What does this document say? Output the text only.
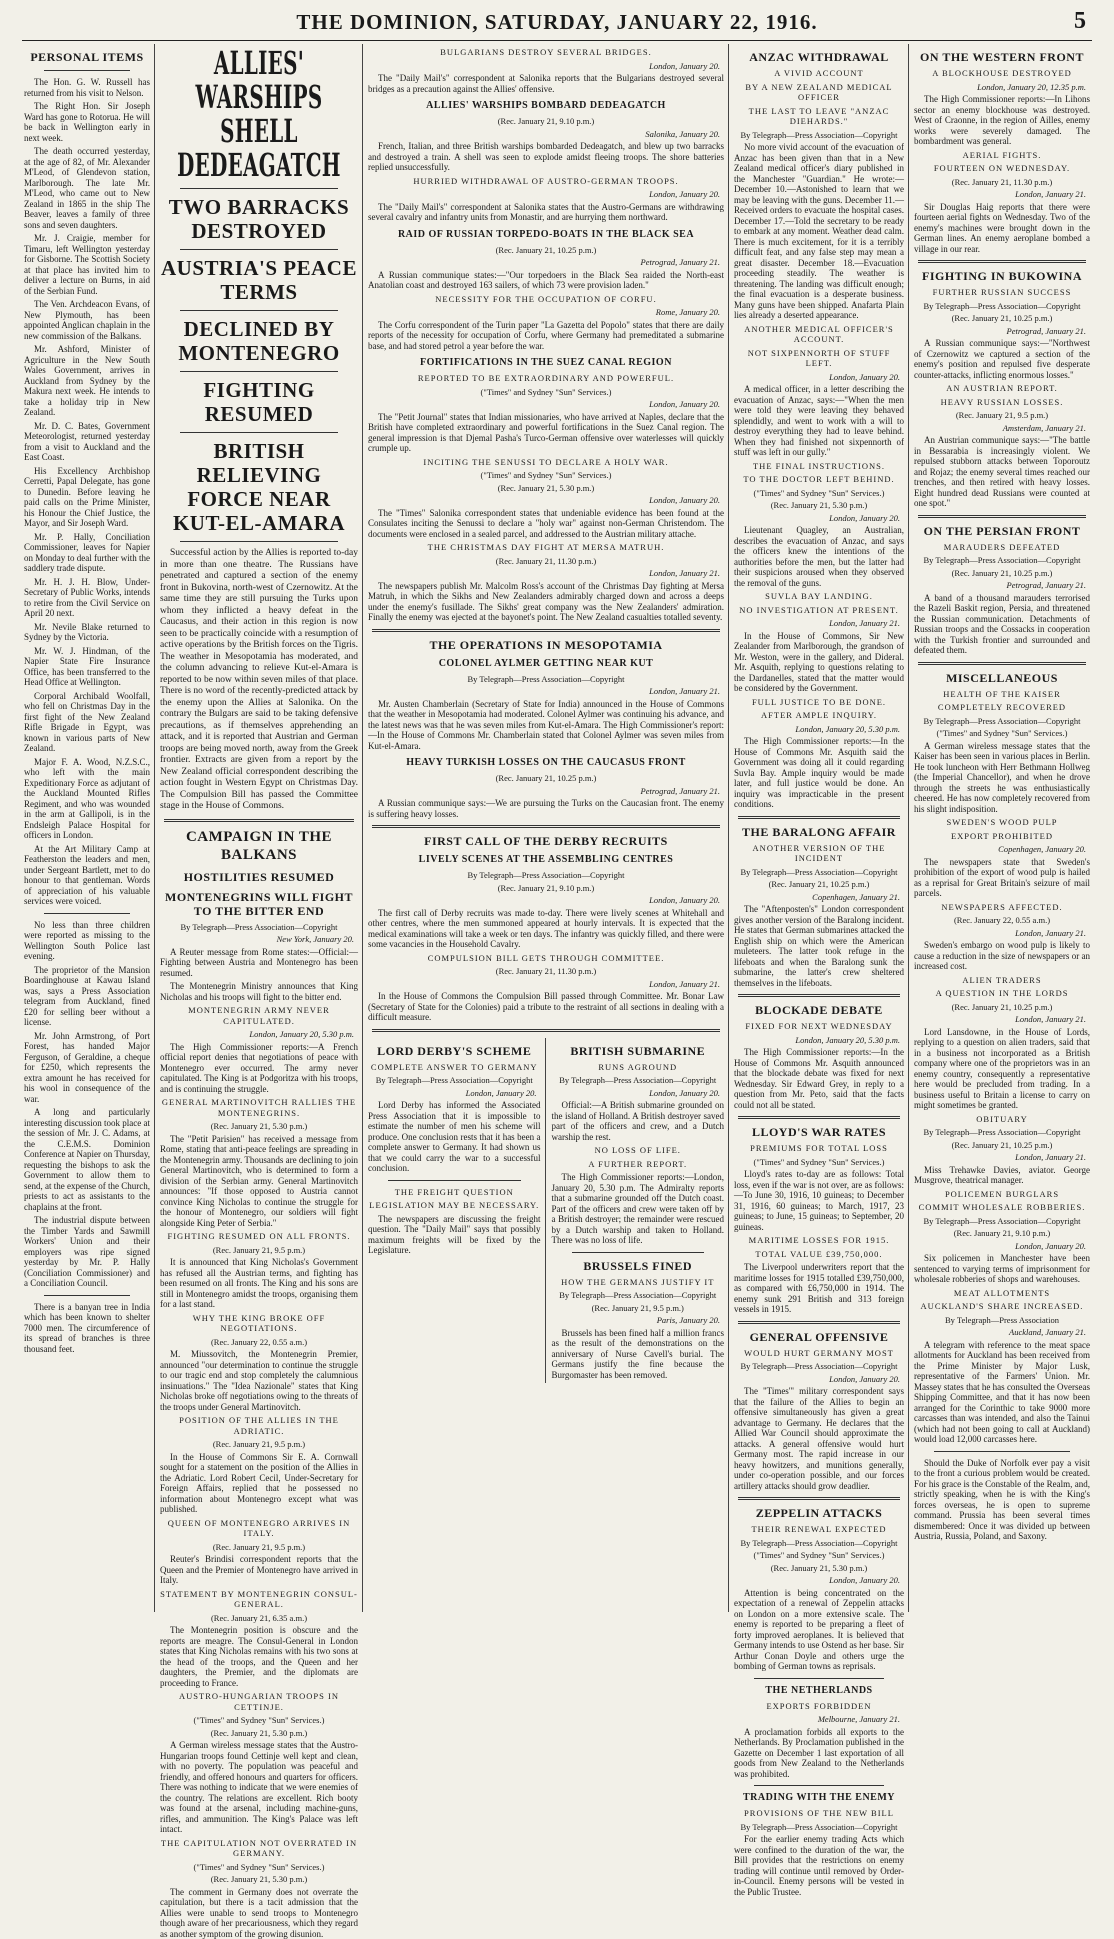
THE DOMINION, SATURDAY, JANUARY 22, 1916.	5
PERSONAL ITEMS

The Hon. G. W. Russell has returned from his visit to Nelson.

The Right Hon. Sir Joseph Ward has gone to Rotorua. He will be back in Wellington early in next week.

The death occurred yesterday, at the age of 82, of Mr. Alexander M'Leod, of Glendevon station, Marlborough. The late Mr. M'Leod, who came out to New Zealand in 1865 in the ship The Beaver, leaves a family of three sons and seven daughters.

Mr. J. Craigie, member for Timaru, left Wellington yesterday for Gisborne. The Scottish Society at that place has invited him to deliver a lecture on Burns, in aid of the Serbian Fund.

The Ven. Archdeacon Evans, of New Plymouth, has been appointed Anglican chaplain in the new commission of the Balkans.

Mr. Ashford, Minister of Agriculture in the New South Wales Government, arrives in Auckland from Sydney by the Makura next week. He intends to take a holiday trip in New Zealand.

Mr. D. C. Bates, Government Meteorologist, returned yesterday from a visit to Auckland and the East Coast.

His Excellency Archbishop Cerretti, Papal Delegate, has gone to Dunedin. Before leaving he paid calls on the Prime Minister, his Honour the Chief Justice, the Mayor, and Sir Joseph Ward.

Mr. P. Hally, Conciliation Commissioner, leaves for Napier on Monday to deal further with the saddlery trade dispute.

Mr. H. J. H. Blow, Under-Secretary of Public Works, intends to retire from the Civil Service on April 20 next.

Mr. Nevile Blake returned to Sydney by the Victoria.

Mr. W. J. Hindman, of the Napier State Fire Insurance Office, has been transferred to the Head Office at Wellington.

Corporal Archibald Woolfall, who fell on Christmas Day in the first fight of the New Zealand Rifle Brigade in Egypt, was known in various parts of New Zealand.

Major F. A. Wood, N.Z.S.C., who left with the main Expeditionary Force as adjutant of the Auckland Mounted Rifles Regiment, and who was wounded in the arm at Gallipoli, is in the Endsleigh Palace Hospital for officers in London.

At the Art Military Camp at Featherston the leaders and men, under Sergeant Bartlett, met to do honour to that gentleman. Words of appreciation of his valuable services were voiced.

No less than three children were reported as missing to the Wellington South Police last evening.

The proprietor of the Mansion Boardinghouse at Kawau Island was, says a Press Association telegram from Auckland, fined £20 for selling beer without a license.

Mr. John Armstrong, of Port Forest, has handed Major Ferguson, of Geraldine, a cheque for £250, which represents the extra amount he has received for his wool in consequence of the war.

A long and particularly interesting discussion took place at the session of Mr. J. C. Adams, at the C.E.M.S. Dominion Conference at Napier on Thursday, requesting the bishops to ask the Government to allow them to send, at the expense of the Church, priests to act as assistants to the chaplains at the front.

The industrial dispute between the Timber Yards and Sawmill Workers' Union and their employers was ripe signed yesterday by Mr. P. Hally (Conciliation Commissioner) and a Conciliation Council.

There is a banyan tree in India which has been known to shelter 7000 men. The circumference of its spread of branches is three thousand feet.

ALLIES' WARSHIPS SHELL DEDEAGATCH
TWO BARRACKS DESTROYED
AUSTRIA'S PEACE TERMS
DECLINED BY MONTENEGRO
FIGHTING RESUMED
BRITISH RELIEVING FORCE NEAR KUT-EL-AMARA

Successful action by the Allies is reported to-day in more than one theatre. The Russians have penetrated and captured a section of the enemy front in Bukovina, north-west of Czernowitz. At the same time they are still pursuing the Turks upon whom they inflicted a heavy defeat in the Caucasus, and their action in this region is now seen to be practically coincide with a resumption of active operations by the British forces on the Tigris. The weather in Mesopotamia has moderated, and the column advancing to relieve Kut-el-Amara is reported to be now within seven miles of that place. There is no word of the recently-predicted attack by the enemy upon the Allies at Salonika. On the contrary the Bulgars are said to be taking defensive precautions, as if themselves apprehending an attack, and it is reported that Austrian and German troops are being moved north, away from the Greek frontier. Extracts are given from a report by the New Zealand official correspondent describing the action fought in Western Egypt on Christmas Day. The Compulsion Bill has passed the Committee stage in the House of Commons.

CAMPAIGN IN THE BALKANS
HOSTILITIES RESUMED
MONTENEGRINS WILL FIGHT TO THE BITTER END
By Telegraph—Press Association—Copyright
New York, January 20.

A Reuter message from Rome states:—Official:—Fighting between Austria and Montenegro has been resumed.

The Montenegrin Ministry announces that King Nicholas and his troops will fight to the bitter end.

MONTENEGRIN ARMY NEVER CAPITULATED.
London, January 20, 5.30 p.m.

The High Commissioner reports:—A French official report denies that negotiations of peace with Montenegro ever occurred. The army never capitulated. The King is at Podgoritza with his troops, and is continuing the struggle.

GENERAL MARTINOVITCH RALLIES THE MONTENEGRINS.
(Rec. January 21, 5.30 p.m.)

The "Petit Parisien" has received a message from Rome, stating that anti-peace feelings are spreading in the Montenegrin army. Thousands are declining to join General Martinovitch, who is determined to form a division of the Serbian army. General Martinovitch announces: "If those opposed to Austria cannot convince King Nicholas to continue the struggle for the honour of Montenegro, our soldiers will fight alongside King Peter of Serbia."

FIGHTING RESUMED ON ALL FRONTS.
(Rec. January 21, 9.5 p.m.)

It is announced that King Nicholas's Government has refused all the Austrian terms, and fighting has been resumed on all fronts. The King and his sons are still in Montenegro amidst the troops, organising them for a last stand.

WHY THE KING BROKE OFF NEGOTIATIONS.
(Rec. January 22, 0.55 a.m.)

M. Miussovitch, the Montenegrin Premier, announced "our determination to continue the struggle to our tragic end and stop completely the calumnious insinuations." The "Idea Nazionale" states that King Nicholas broke off negotiations owing to the threats of the troops under General Martinovitch.

POSITION OF THE ALLIES IN THE ADRIATIC.
(Rec. January 21, 9.5 p.m.)

In the House of Commons Sir E. A. Cornwall sought for a statement on the position of the Allies in the Adriatic. Lord Robert Cecil, Under-Secretary for Foreign Affairs, replied that he possessed no information about Montenegro except what was published.

QUEEN OF MONTENEGRO ARRIVES IN ITALY.
(Rec. January 21, 9.5 p.m.)

Reuter's Brindisi correspondent reports that the Queen and the Premier of Montenegro have arrived in Italy.

STATEMENT BY MONTENEGRIN CONSUL-GENERAL.
(Rec. January 21, 6.35 a.m.)

The Montenegrin position is obscure and the reports are meagre. The Consul-General in London states that King Nicholas remains with his two sons at the head of the troops, and the Queen and her daughters, the Premier, and the diplomats are proceeding to France.

AUSTRO-HUNGARIAN TROOPS IN CETTINJE.
("Times" and Sydney "Sun" Services.)
(Rec. January 21, 5.30 p.m.)

A German wireless message states that the Austro-Hungarian troops found Cettinje well kept and clean, with no poverty. The population was peaceful and friendly, and offered honours and quarters for officers. There was nothing to indicate that we were enemies of the country. The relations are excellent. Rich booty was found at the arsenal, including machine-guns, rifles, and ammunition. The King's Palace was left intact.

THE CAPITULATION NOT OVERRATED IN GERMANY.
("Times" and Sydney "Sun" Services.)
(Rec. January 21, 5.30 p.m.)

The comment in Germany does not overrate the capitulation, but there is a tacit admission that the Allies were unable to send troops to Montenegro though aware of her precariousness, which they regard as another symptom of the growing disunion.

BULGARIANS DESTROY SEVERAL BRIDGES.
London, January 20.

The "Daily Mail's" correspondent at Salonika reports that the Bulgarians destroyed several bridges as a precaution against the Allies' offensive.

ALLIES' WARSHIPS BOMBARD DEDEAGATCH
(Rec. January 21, 9.10 p.m.)
Salonika, January 20.

French, Italian, and three British warships bombarded Dedeagatch, and blew up two barracks and destroyed a train. A shell was seen to explode amidst fleeing troops. The shore batteries replied unsuccessfully.

HURRIED WITHDRAWAL OF AUSTRO-GERMAN TROOPS.
London, January 20.

The "Daily Mail's" correspondent at Salonika states that the Austro-Germans are withdrawing several cavalry and infantry units from Monastir, and are hurrying them northward.

RAID OF RUSSIAN TORPEDO-BOATS IN THE BLACK SEA
(Rec. January 21, 10.25 p.m.)
Petrograd, January 21.

A Russian communique states:—"Our torpedoers in the Black Sea raided the North-east Anatolian coast and destroyed 163 sailers, of which 73 were provision laden."

NECESSITY FOR THE OCCUPATION OF CORFU.
Rome, January 20.

The Corfu correspondent of the Turin paper "La Gazetta del Popolo" states that there are daily reports of the necessity for occupation of Corfu, where Germany had premeditated a submarine base, and had stored petrol a year before the war.

FORTIFICATIONS IN THE SUEZ CANAL REGION
REPORTED TO BE EXTRAORDINARY AND POWERFUL.
("Times" and Sydney "Sun" Services.)
London, January 20.

The "Petit Journal" states that Indian missionaries, who have arrived at Naples, declare that the British have completed extraordinary and powerful fortifications in the Suez Canal region. The general impression is that Djemal Pasha's Turco-German offensive over waterlesses will quickly crumple up.

INCITING THE SENUSSI TO DECLARE A HOLY WAR.
("Times" and Sydney "Sun" Services.)
(Rec. January 21, 5.30 p.m.)
London, January 20.

The "Times" Salonika correspondent states that undeniable evidence has been found at the Consulates inciting the Senussi to declare a "holy war" against non-German Christendom. The documents were enclosed in a sealed parcel, and addressed to the Austrian military attache.

THE CHRISTMAS DAY FIGHT AT MERSA MATRUH.
(Rec. January 21, 11.30 p.m.)
London, January 21.

The newspapers publish Mr. Malcolm Ross's account of the Christmas Day fighting at Mersa Matruh, in which the Sikhs and New Zealanders admirably charged down and across a deeps under the enemy's fusillade. The Sikhs' great company was the New Zealanders' admiration. Finally the enemy was ejected at the bayonet's point. The New Zealand casualties totalled seventy.

THE OPERATIONS IN MESOPOTAMIA
COLONEL AYLMER GETTING NEAR KUT
By Telegraph—Press Association—Copyright
London, January 21.

Mr. Austen Chamberlain (Secretary of State for India) announced in the House of Commons that the weather in Mesopotamia had moderated. Colonel Aylmer was continuing his advance, and the latest news was that he was seven miles from Kut-el-Amara. The High Commissioner's report:—In the House of Commons Mr. Chamberlain stated that Colonel Aylmer was seven miles from Kut-el-Amara.

HEAVY TURKISH LOSSES ON THE CAUCASUS FRONT
(Rec. January 21, 10.25 p.m.)
Petrograd, January 21.

A Russian communique says:—We are pursuing the Turks on the Caucasian front. The enemy is suffering heavy losses.

FIRST CALL OF THE DERBY RECRUITS
LIVELY SCENES AT THE ASSEMBLING CENTRES
By Telegraph—Press Association—Copyright
(Rec. January 21, 9.10 p.m.)
London, January 20.

The first call of Derby recruits was made to-day. There were lively scenes at Whitehall and other centres, where the men summoned appeared at hourly intervals. It is expected that the medical examinations will take a week or ten days. The infantry was quickly filled, and there were some vacancies in the Household Cavalry.

COMPULSION BILL GETS THROUGH COMMITTEE.
(Rec. January 21, 11.30 p.m.)
London, January 21.

In the House of Commons the Compulsion Bill passed through Committee. Mr. Bonar Law (Secretary of State for the Colonies) paid a tribute to the restraint of all sections in dealing with a difficult measure.

LORD DERBY'S SCHEME
COMPLETE ANSWER TO GERMANY
By Telegraph—Press Association—Copyright
London, January 20.

Lord Derby has informed the Associated Press Association that it is impossible to estimate the number of men his scheme will produce. One conclusion rests that it has been a complete answer to Germany. It had shown us that we could carry the war to a successful conclusion.

THE FREIGHT QUESTION
LEGISLATION MAY BE NECESSARY.

The newspapers are discussing the freight question. The "Daily Mail" says that possibly maximum freights will be fixed by the Legislature.

BRITISH SUBMARINE
RUNS AGROUND
By Telegraph—Press Association—Copyright
London, January 20.

Official:—A British submarine grounded on the island of Holland. A British destroyer saved part of the officers and crew, and a Dutch warship the rest.

NO LOSS OF LIFE.
A FURTHER REPORT.

The High Commissioner reports:—London, January 20, 5.30 p.m. The Admiralty reports that a submarine grounded off the Dutch coast. Part of the officers and crew were taken off by a British destroyer; the remainder were rescued by a Dutch warship and taken to Holland. There was no loss of life.

BRUSSELS FINED
HOW THE GERMANS JUSTIFY IT
By Telegraph—Press Association—Copyright
(Rec. January 21, 9.5 p.m.)
Paris, January 20.

Brussels has been fined half a million francs as the result of the demonstrations on the anniversary of Nurse Cavell's burial. The Germans justify the fine because the Burgomaster has been removed.

ANZAC WITHDRAWAL
A VIVID ACCOUNT
BY A NEW ZEALAND MEDICAL OFFICER
THE LAST TO LEAVE "ANZAC DIEHARDS."
By Telegraph—Press Association—Copyright

No more vivid account of the evacuation of Anzac has been given than that in a New Zealand medical officer's diary published in the Manchester "Guardian." He wrote:—December 10.—Astonished to learn that we may be leaving with the guns. December 11.—Received orders to evacuate the hospital cases. December 17.—Told the secretary to be ready to embark at any moment. Weather dead calm. There is much excitement, for it is a terribly difficult feat, and any false step may mean a great disaster. December 18.—Evacuation proceeding steadily. The weather is threatening. The landing was difficult enough; the final evacuation is a desperate business. Many guns have been shipped. Anafarta Plain lies already a deserted appearance.

ANOTHER MEDICAL OFFICER'S ACCOUNT.
NOT SIXPENNORTH OF STUFF LEFT.
London, January 20.

A medical officer, in a letter describing the evacuation of Anzac, says:—"When the men were told they were leaving they behaved splendidly, and went to work with a will to destroy everything they had to leave behind. When they had finished not sixpennorth of stuff was left in our gully."

THE FINAL INSTRUCTIONS.
TO THE DOCTOR LEFT BEHIND.
("Times" and Sydney "Sun" Services.)
(Rec. January 21, 5.30 p.m.)
London, January 20.

Lieutenant Quagley, an Australian, describes the evacuation of Anzac, and says the officers knew the intentions of the authorities before the men, but the latter had their suspicions aroused when they observed the removal of the guns.

SUVLA BAY LANDING.
NO INVESTIGATION AT PRESENT.
London, January 21.

In the House of Commons, Sir New Zealander from Marlborough, the grandson of Mr. Weston, were in the gallery, and Dideral. Mr. Asquith, replying to questions relating to the Dardanelles, stated that the matter would be considered by the Government.

FULL JUSTICE TO BE DONE.
AFTER AMPLE INQUIRY.
London, January 20, 5.30 p.m.

The High Commissioner reports:—In the House of Commons Mr. Asquith said the Government was doing all it could regarding Suvla Bay. Ample inquiry would be made later, and full justice would be done. An inquiry was impracticable in the present conditions.

THE BARALONG AFFAIR
ANOTHER VERSION OF THE INCIDENT
By Telegraph—Press Association—Copyright
(Rec. January 21, 10.25 p.m.)
Copenhagen, January 21.

The "Aftenposten's" London correspondent gives another version of the Baralong incident. He states that German submarines attacked the English ship on which were the American muleteers. The latter took refuge in the lifeboats and when the Baralong sunk the submarine, the latter's crew sheltered themselves in the lifeboats.

BLOCKADE DEBATE
FIXED FOR NEXT WEDNESDAY
London, January 20, 5.30 p.m.

The High Commissioner reports:—In the House of Commons Mr. Asquith announced that the blockade debate was fixed for next Wednesday. Sir Edward Grey, in reply to a question from Mr. Peto, said that the facts could not all be stated.

LLOYD'S WAR RATES
PREMIUMS FOR TOTAL LOSS
("Times" and Sydney "Sun" Services.)

Lloyd's rates to-day are as follows: Total loss, even if the war is not over, are as follows:—To June 30, 1916, 10 guineas; to December 31, 1916, 60 guineas; to March, 1917, 23 guineas; to June, 15 guineas; to September, 20 guineas.

MARITIME LOSSES FOR 1915.
TOTAL VALUE £39,750,000.

The Liverpool underwriters report that the maritime losses for 1915 totalled £39,750,000, as compared with £6,750,000 in 1914. The enemy sunk 291 British and 313 foreign vessels in 1915.

GENERAL OFFENSIVE
WOULD HURT GERMANY MOST
By Telegraph—Press Association—Copyright
London, January 20.

The "Times'" military correspondent says that the failure of the Allies to begin an offensive simultaneously has given a great advantage to Germany. He declares that the Allied War Council should approximate the attacks. A general offensive would hurt Germany most. The rapid increase in our heavy howitzers, and munitions generally, under co-operation possible, and our forces artillery attacks should grow deadlier.

ZEPPELIN ATTACKS
THEIR RENEWAL EXPECTED
By Telegraph—Press Association—Copyright
("Times" and Sydney "Sun" Services.)
(Rec. January 21, 5.30 p.m.)
London, January 20.

Attention is being concentrated on the expectation of a renewal of Zeppelin attacks on London on a more extensive scale. The enemy is reported to be preparing a fleet of forty improved aeroplanes. It is believed that Germany intends to use Ostend as her base. Sir Arthur Conan Doyle and others urge the bombing of German towns as reprisals.

THE NETHERLANDS
EXPORTS FORBIDDEN
Melbourne, January 21.

A proclamation forbids all exports to the Netherlands. By Proclamation published in the Gazette on December 1 last exportation of all goods from New Zealand to the Netherlands was prohibited.

TRADING WITH THE ENEMY
PROVISIONS OF THE NEW BILL
By Telegraph—Press Association—Copyright

For the earlier enemy trading Acts which were confined to the duration of the war, the Bill provides that the restrictions on enemy trading will continue until removed by Order-in-Council. Enemy persons will be vested in the Public Trustee.

ON THE WESTERN FRONT
A BLOCKHOUSE DESTROYED
London, January 20, 12.35 p.m.

The High Commissioner reports:—In Lihons sector an enemy blockhouse was destroyed. West of Craonne, in the region of Ailles, enemy works were severely damaged. The bombardment was general.

AERIAL FIGHTS.
FOURTEEN ON WEDNESDAY.
(Rec. January 21, 11.30 p.m.)
London, January 21.

Sir Douglas Haig reports that there were fourteen aerial fights on Wednesday. Two of the enemy's machines were brought down in the German lines. An enemy aeroplane bombed a village in our rear.

FIGHTING IN BUKOWINA
FURTHER RUSSIAN SUCCESS
By Telegraph—Press Association—Copyright
(Rec. January 21, 10.25 p.m.)
Petrograd, January 21.

A Russian communique says:—"Northwest of Czernowitz we captured a section of the enemy's position and repulsed five desperate counter-attacks, inflicting enormous losses."

AN AUSTRIAN REPORT.
HEAVY RUSSIAN LOSSES.
(Rec. January 21, 9.5 p.m.)
Amsterdam, January 21.

An Austrian communique says:—"The battle in Bessarabia is increasingly violent. We repulsed stubborn attacks between Toporoutz and Rojaz; the enemy several times reached our trenches, and then retired with heavy losses. Eight hundred dead Russians were counted at one spot."

ON THE PERSIAN FRONT
MARAUDERS DEFEATED
By Telegraph—Press Association—Copyright
(Rec. January 21, 10.25 p.m.)
Petrograd, January 21.

A band of a thousand marauders terrorised the Razeli Baskit region, Persia, and threatened the Russian communication. Detachments of Russian troops and the Cossacks in cooperation with the Turkish frontier and surrounded and defeated them.

MISCELLANEOUS
HEALTH OF THE KAISER
COMPLETELY RECOVERED
By Telegraph—Press Association—Copyright
("Times" and Sydney "Sun" Services.)

A German wireless message states that the Kaiser has been seen in various places in Berlin. He took luncheon with Herr Bethmann Hollweg (the Imperial Chancellor), and when he drove through the streets he was enthusiastically cheered. He has now completely recovered from his slight indisposition.

SWEDEN'S WOOD PULP
EXPORT PROHIBITED
Copenhagen, January 20.

The newspapers state that Sweden's prohibition of the export of wood pulp is hailed as a reprisal for Great Britain's seizure of mail parcels.

NEWSPAPERS AFFECTED.
(Rec. January 22, 0.55 a.m.)
London, January 21.

Sweden's embargo on wood pulp is likely to cause a reduction in the size of newspapers or an increased cost.

ALIEN TRADERS
A QUESTION IN THE LORDS
(Rec. January 21, 10.25 p.m.)
London, January 21.

Lord Lansdowne, in the House of Lords, replying to a question on alien traders, said that in a business not incorporated as a British company where one of the proprietors was in an enemy country, consequently a representative here would be precluded from trading. In a business useful to Britain a license to carry on might sometimes be granted.

OBITUARY
By Telegraph—Press Association—Copyright
(Rec. January 21, 10.25 p.m.)
London, January 21.

Miss Trehawke Davies, aviator. George Musgrove, theatrical manager.

POLICEMEN BURGLARS
COMMIT WHOLESALE ROBBERIES.
By Telegraph—Press Association—Copyright
(Rec. January 21, 9.10 p.m.)
London, January 20.

Six policemen in Manchester have been sentenced to varying terms of imprisonment for wholesale robberies of shops and warehouses.

MEAT ALLOTMENTS
AUCKLAND'S SHARE INCREASED.
By Telegraph—Press Association
Auckland, January 21.

A telegram with reference to the meat space allotments for Auckland has been received from the Prime Minister by Major Lusk, representative of the Farmers' Union. Mr. Massey states that he has consulted the Overseas Shipping Committee, and that it has now been arranged for the Corinthic to take 9000 more carcasses than was intended, and also the Tainui (which had not been going to call at Auckland) would load 12,000 carcasses here.

Should the Duke of Norfolk ever pay a visit to the front a curious problem would be created. For his grace is the Constable of the Realm, and, strictly speaking, when he is with the King's forces overseas, he is open to supreme command. Prussia has been several times dismembered: Once it was divided up between Austria, Russia, Poland, and Saxony.
